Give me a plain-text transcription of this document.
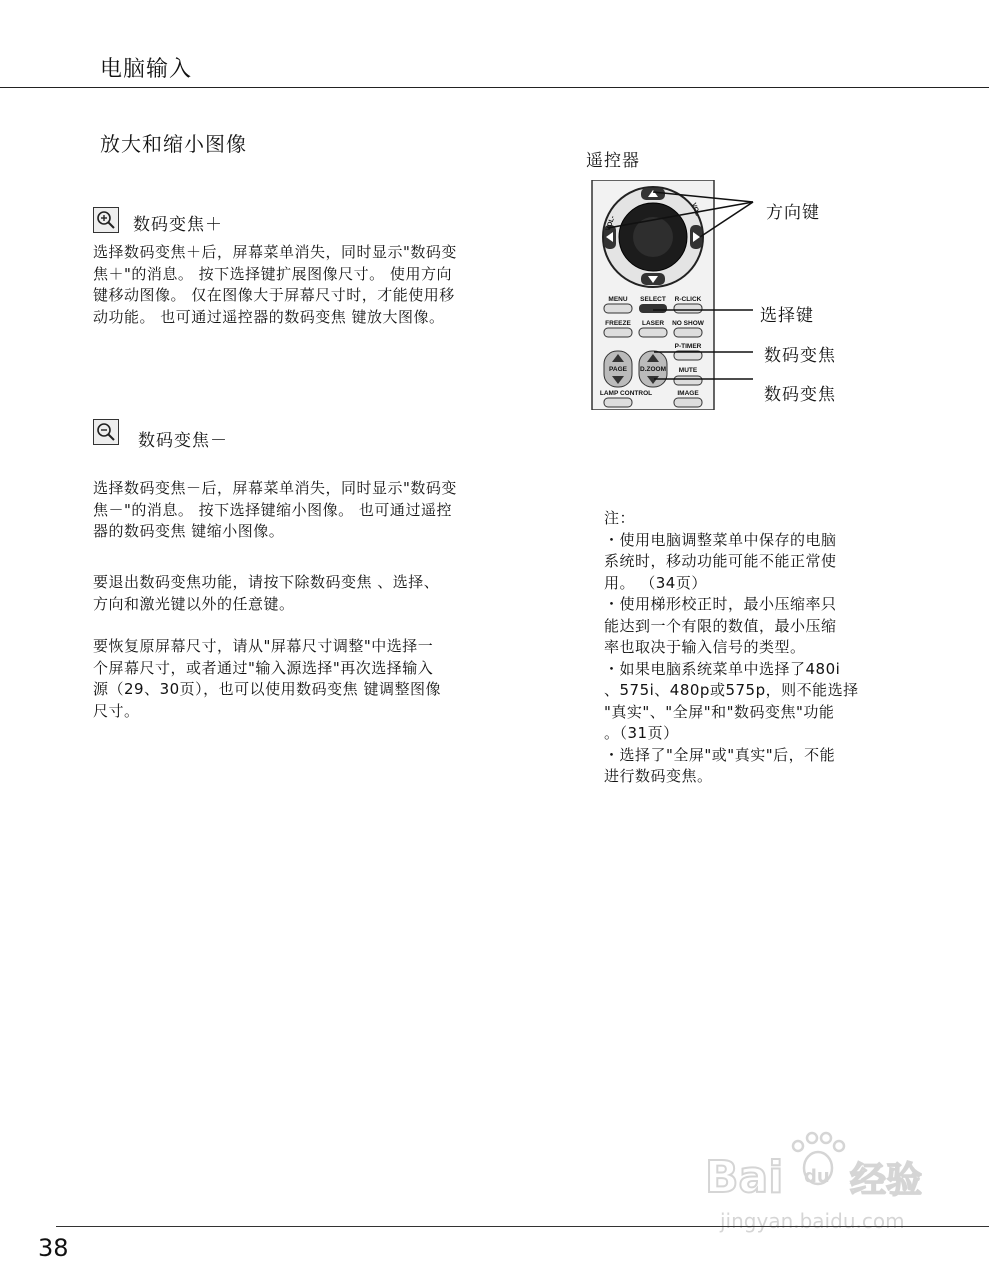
电脑输入
放大和缩小图像
数码变焦＋
选择数码变焦＋后，屏幕菜单消失，同时显示"数码变
焦＋"的消息。 按下选择键扩展图像尺寸。 使用方向
键移动图像。 仅在图像大于屏幕尺寸时，才能使用移
动功能。 也可通过遥控器的数码变焦 键放大图像。
数码变焦－
选择数码变焦－后，屏幕菜单消失，同时显示"数码变
焦－"的消息。 按下选择键缩小图像。 也可通过遥控
器的数码变焦 键缩小图像。
要退出数码变焦功能，请按下除数码变焦 、选择、
方向和激光键以外的任意键。
要恢复原屏幕尺寸，请从"屏幕尺寸调整"中选择一
个屏幕尺寸，或者通过"输入源选择"再次选择输入
源（29、30页），也可以使用数码变焦 键调整图像
尺寸。
遥控器
VOL-
VOL
MENU SELECT R-CLICK
FREEZE LASER NO SHOW
P-TIMER
PAGE D.ZOOM MUTE
LAMP CONTROL	IMAGE
方向键
选择键
数码变焦
数码变焦
注：
・使用电脑调整菜单中保存的电脑
系统时，移动功能可能不能正常使
用。 （34页）
・使用梯形校正时，最小压缩率只
能达到一个有限的数值，最小压缩
率也取决于输入信号的类型。
・如果电脑系统菜单中选择了480i
、575i、480p或575p，则不能选择
"真实"、"全屏"和"数码变焦"功能
。（31页）
・选择了"全屏"或"真实"后，不能
进行数码变焦。
Bai du 经验
jingyan.baidu.com
38
